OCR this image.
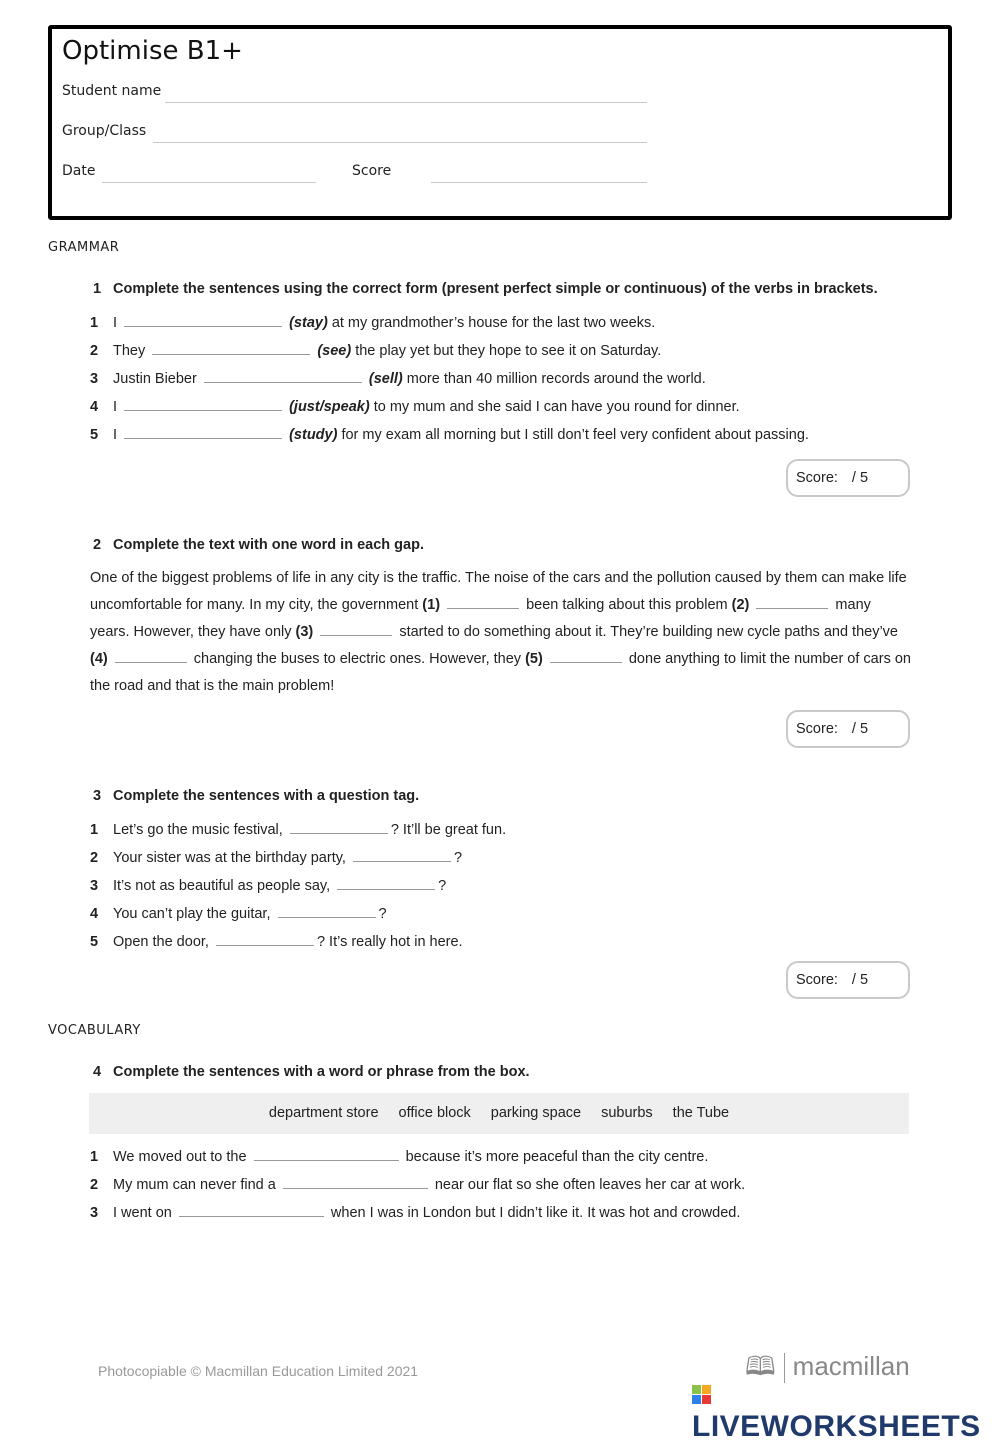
Optimise B1+
Student name
Group/Class
Date	Score
GRAMMAR
1 Complete the sentences using the correct form (present perfect simple or continuous) of the verbs in brackets.
1 I	(stay) at my grandmother’s house for the last two weeks.
2 They	(see) the play yet but they hope to see it on Saturday.
3 Justin Bieber	(sell) more than 40 million records around the world.
4 I	(just/speak) to my mum and she said I can have you round for dinner.
5 I	(study) for my exam all morning but I still don’t feel very confident about passing.
Score: / 5
2 Complete the text with one word in each gap.
One of the biggest problems of life in any city is the traffic. The noise of the cars and the pollution caused by them can make life uncomfortable for many. In my city, the government (1)	been talking about this problem (2)	many years. However, they have only (3)	started to do something about it. They’re building new cycle paths and they’ve (4)	changing the buses to electric ones. However, they (5)	done anything to limit the number of cars on the road and that is the main problem!
Score: / 5
3 Complete the sentences with a question tag.
1 Let’s go the music festival,	? It’ll be great fun.
2 Your sister was at the birthday party,	?
3 It’s not as beautiful as people say,	?
4 You can’t play the guitar,	?
5 Open the door,	? It’s really hot in here.
Score: / 5
VOCABULARY
4 Complete the sentences with a word or phrase from the box.
department store office block parking space suburbs the Tube
1 We moved out to the	because it’s more peaceful than the city centre.
2 My mum can never find a	near our flat so she often leaves her car at work.
3 I went on	when I was in London but I didn’t like it. It was hot and crowded.
Photocopiable © Macmillan Education Limited 2021	🕮 macmillan
LIVEWORKSHEETS
